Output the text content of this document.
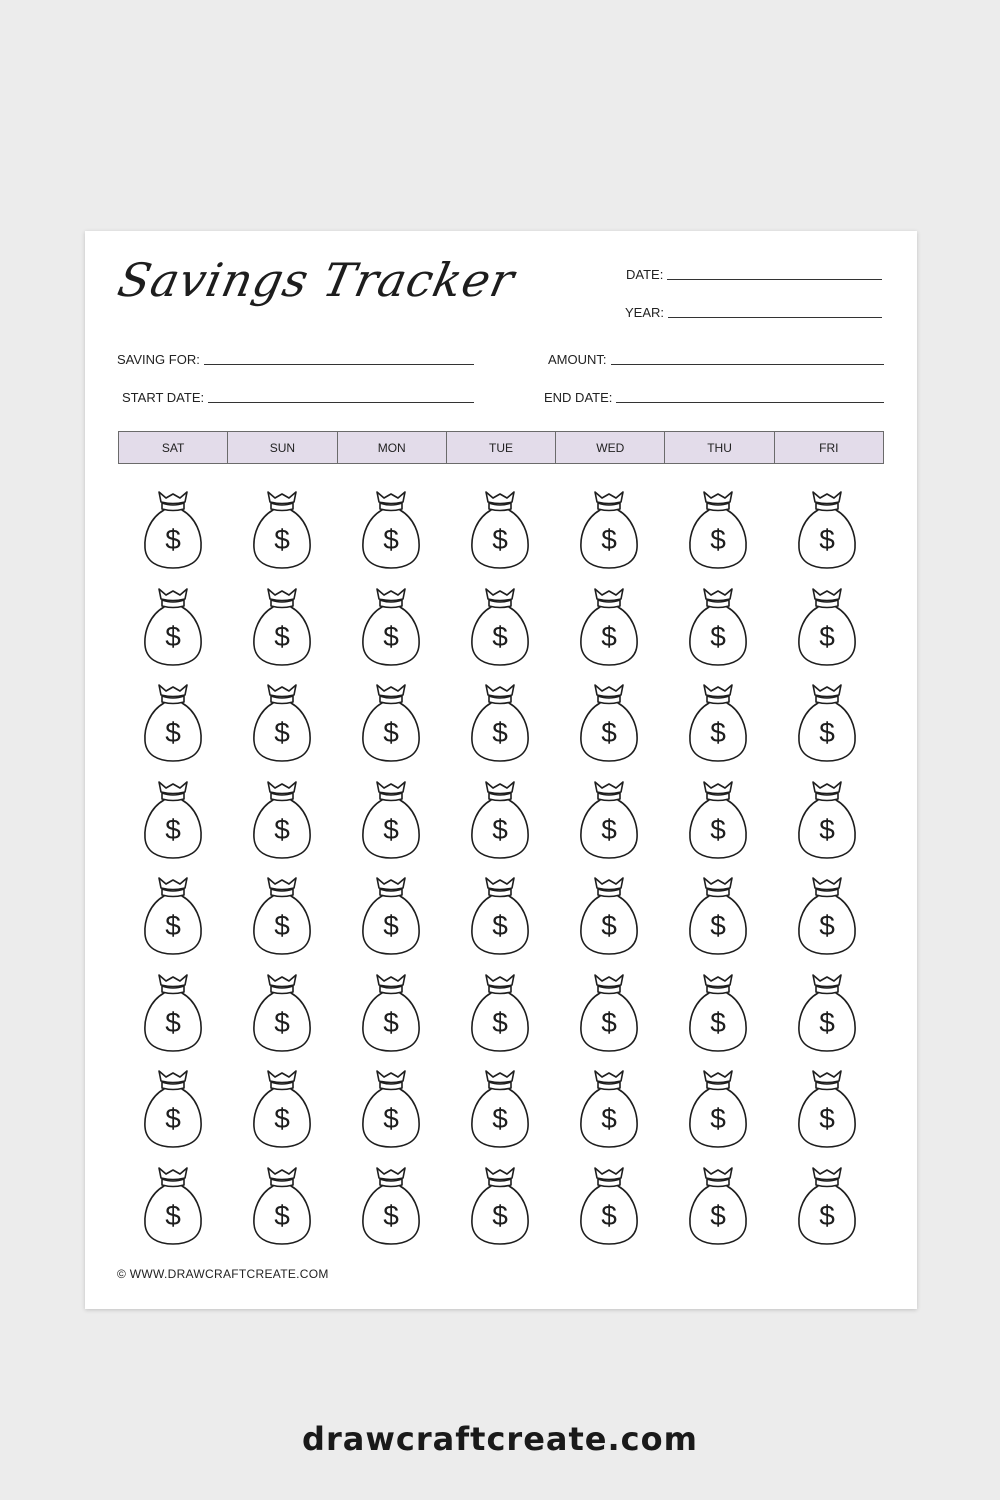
Savings Tracker	DATE:
YEAR:
SAVING FOR:	AMOUNT:
START DATE:	END DATE:
SAT	SUN	MON	TUE	WED	THU	FRI
$	$	$	$	$	$	$
$	$	$	$	$	$	$
$	$	$	$	$	$	$
$	$	$	$	$	$	$
$	$	$	$	$	$	$
$	$	$	$	$	$	$
$	$	$	$	$	$	$
$	$	$	$	$	$	$
© WWW.DRAWCRAFTCREATE.COM
drawcraftcreate.com
